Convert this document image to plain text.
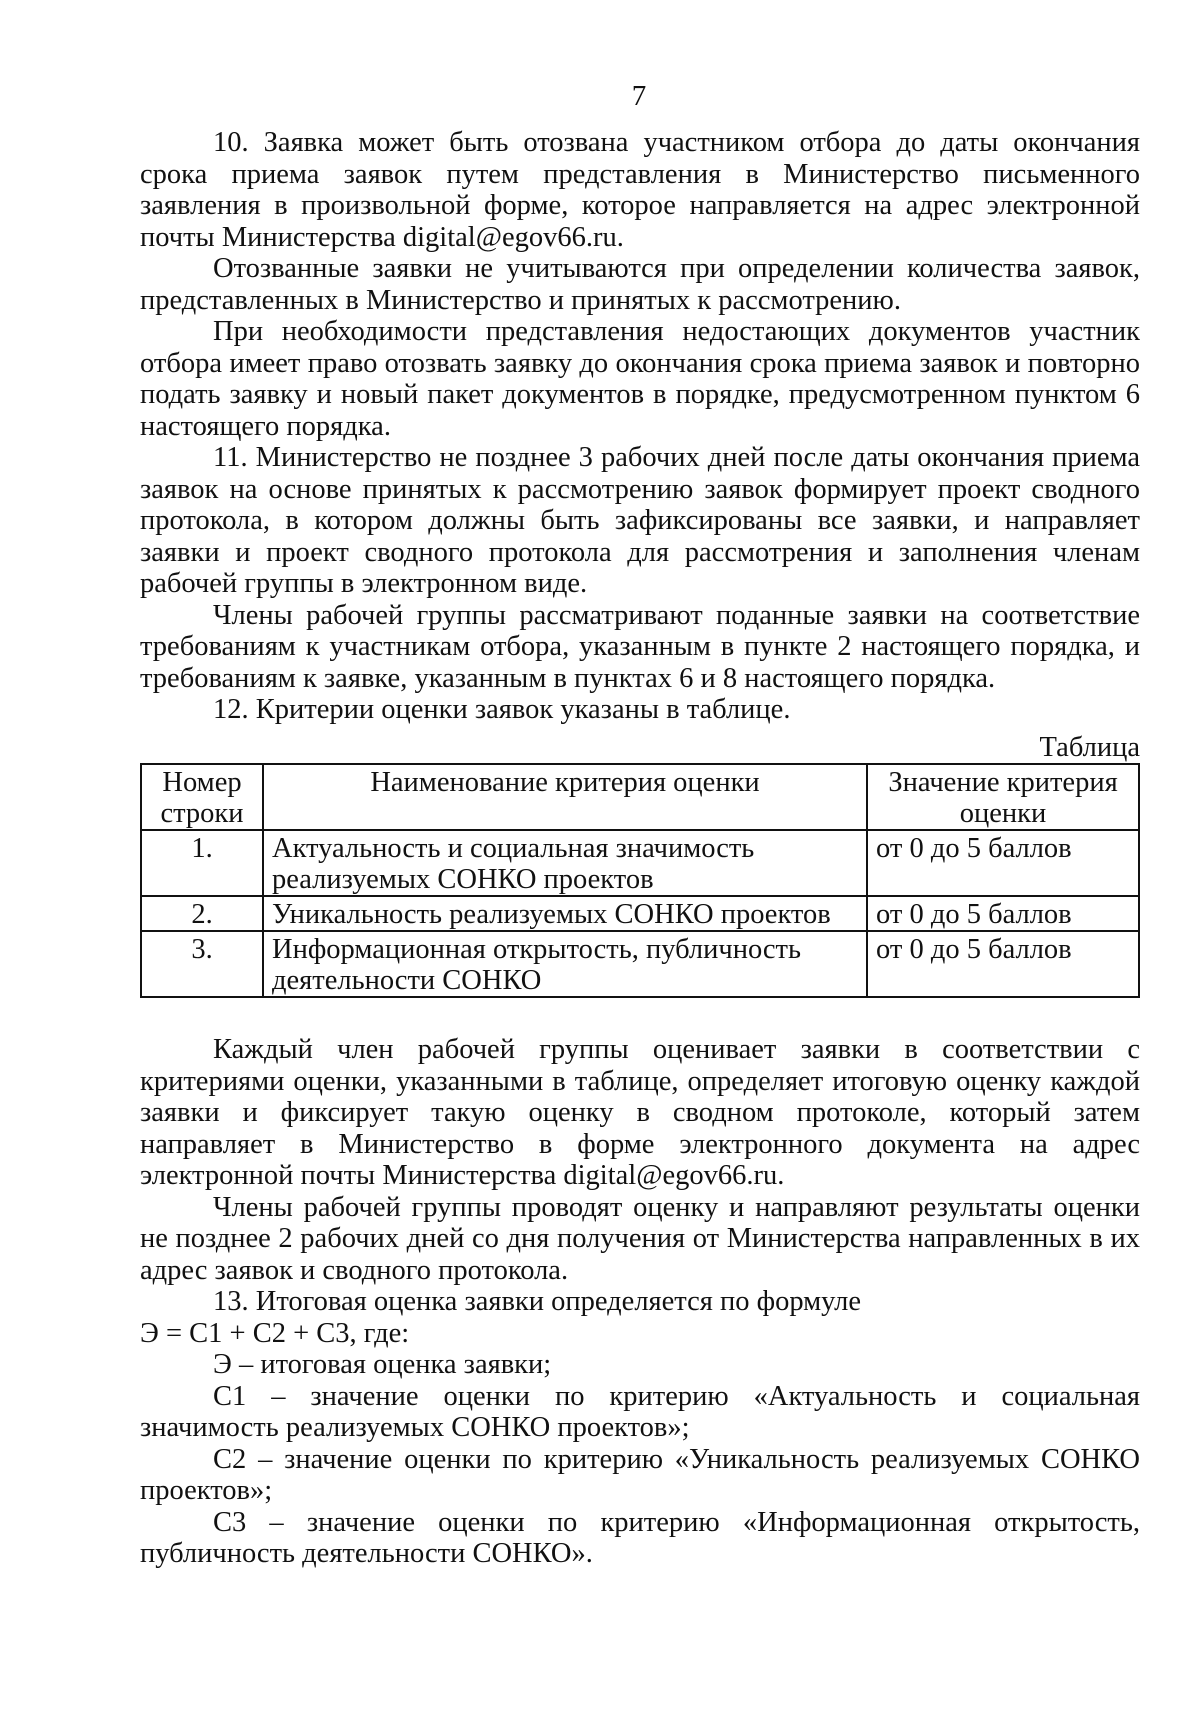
7

10. Заявка может быть отозвана участником отбора до даты окончания срока приема заявок путем представления в Министерство письменного заявления в произвольной форме, которое направляется на адрес электронной почты Министерства digital@egov66.ru.

Отозванные заявки не учитываются при определении количества заявок, представленных в Министерство и принятых к рассмотрению.

При необходимости представления недостающих документов участник отбора имеет право отозвать заявку до окончания срока приема заявок и повторно подать заявку и новый пакет документов в порядке, предусмотренном пунктом 6 настоящего порядка.

11. Министерство не позднее 3 рабочих дней после даты окончания приема заявок на основе принятых к рассмотрению заявок формирует проект сводного протокола, в котором должны быть зафиксированы все заявки, и направляет заявки и проект сводного протокола для рассмотрения и заполнения членам рабочей группы в электронном виде.

Члены рабочей группы рассматривают поданные заявки на соответствие требованиям к участникам отбора, указанным в пункте 2 настоящего порядка, и требованиям к заявке, указанным в пунктах 6 и 8 настоящего порядка.

12. Критерии оценки заявок указаны в таблице.

Таблица
Номер строки	Наименование критерия оценки	Значение критерия оценки
1.	Актуальность и социальная значимость реализуемых СОНКО проектов	от 0 до 5 баллов
2.	Уникальность реализуемых СОНКО проектов	от 0 до 5 баллов
3.	Информационная открытость, публичность деятельности СОНКО	от 0 до 5 баллов

Каждый член рабочей группы оценивает заявки в соответствии с критериями оценки, указанными в таблице, определяет итоговую оценку каждой заявки и фиксирует такую оценку в сводном протоколе, который затем направляет в Министерство в форме электронного документа на адрес электронной почты Министерства digital@egov66.ru.

Члены рабочей группы проводят оценку и направляют результаты оценки не позднее 2 рабочих дней со дня получения от Министерства направленных в их адрес заявок и сводного протокола.

13. Итоговая оценка заявки определяется по формуле

Э = С1 + С2 + С3, где:

Э – итоговая оценка заявки;

С1 – значение оценки по критерию «Актуальность и социальная значимость реализуемых СОНКО проектов»;

С2 – значение оценки по критерию «Уникальность реализуемых СОНКО проектов»;

С3 – значение оценки по критерию «Информационная открытость, публичность деятельности СОНКО».
